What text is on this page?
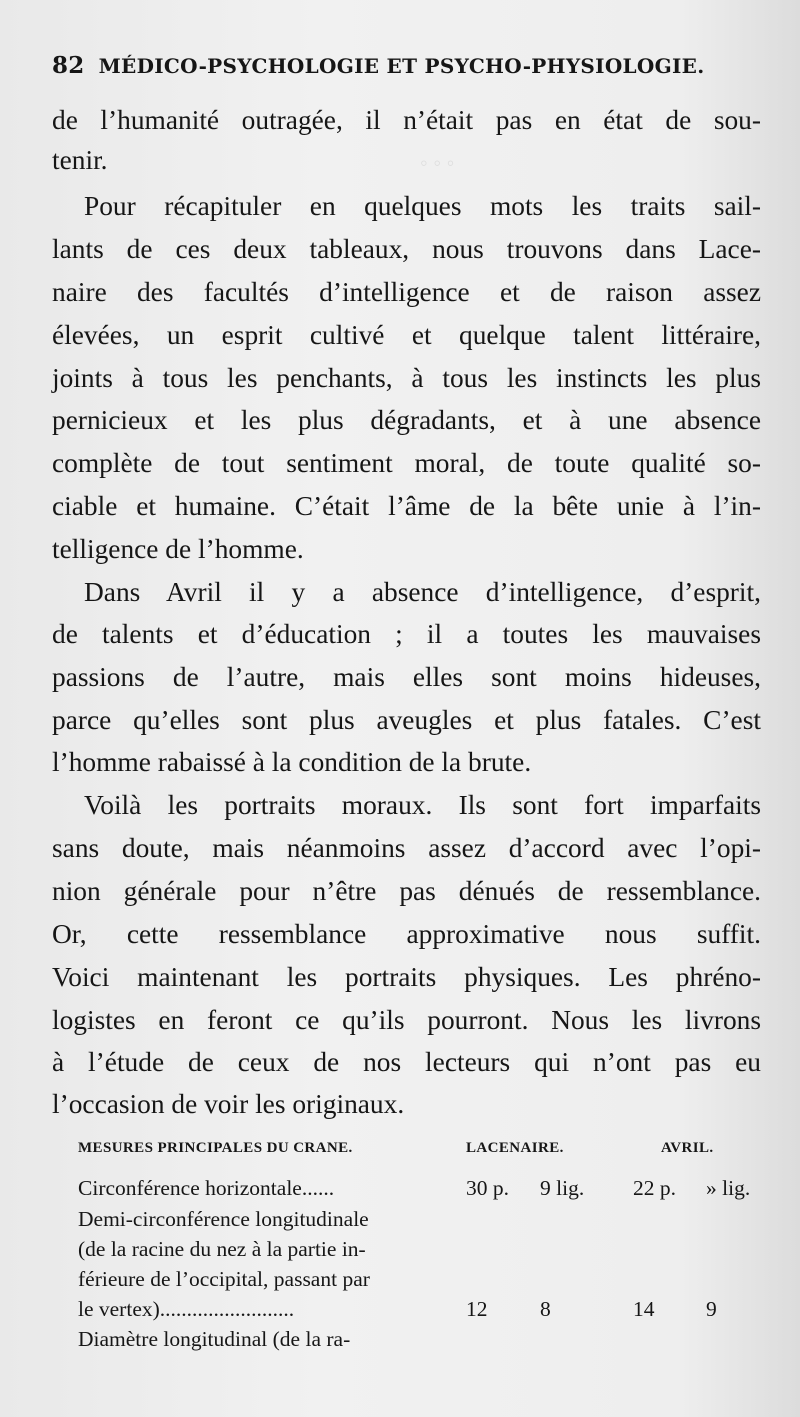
82 MÉDICO-PSYCHOLOGIE ET PSYCHO-PHYSIOLOGIE.
◦ ◦ ◦
de l’humanité outragée, il n’était pas en état de sou-
tenir.
Pour récapituler en quelques mots les traits sail-
lants de ces deux tableaux, nous trouvons dans Lace-
naire des facultés d’intelligence et de raison assez
élevées, un esprit cultivé et quelque talent littéraire,
joints à tous les penchants, à tous les instincts les plus
pernicieux et les plus dégradants, et à une absence
complète de tout sentiment moral, de toute qualité so-
ciable et humaine. C’était l’âme de la bête unie à l’in-
telligence de l’homme.
Dans Avril il y a absence d’intelligence, d’esprit,
de talents et d’éducation ; il a toutes les mauvaises
passions de l’autre, mais elles sont moins hideuses,
parce qu’elles sont plus aveugles et plus fatales. C’est
l’homme rabaissé à la condition de la brute.
Voilà les portraits moraux. Ils sont fort imparfaits
sans doute, mais néanmoins assez d’accord avec l’opi-
nion générale pour n’être pas dénués de ressemblance.
Or, cette ressemblance approximative nous suffit.
Voici maintenant les portraits physiques. Les phréno-
logistes en feront ce qu’ils pourront. Nous les livrons
à l’étude de ceux de nos lecteurs qui n’ont pas eu
l’occasion de voir les originaux.
MESURES PRINCIPALES DU CRANE.	LACENAIRE.	AVRIL.
Circonférence horizontale......	30 p. 9 lig. 22 p. » lig.
Demi-circonférence longitudinale
(de la racine du nez à la partie in-
férieure de l’occipital, passant par
le vertex).........................	12 8	14 9
Diamètre longitudinal (de la ra-
